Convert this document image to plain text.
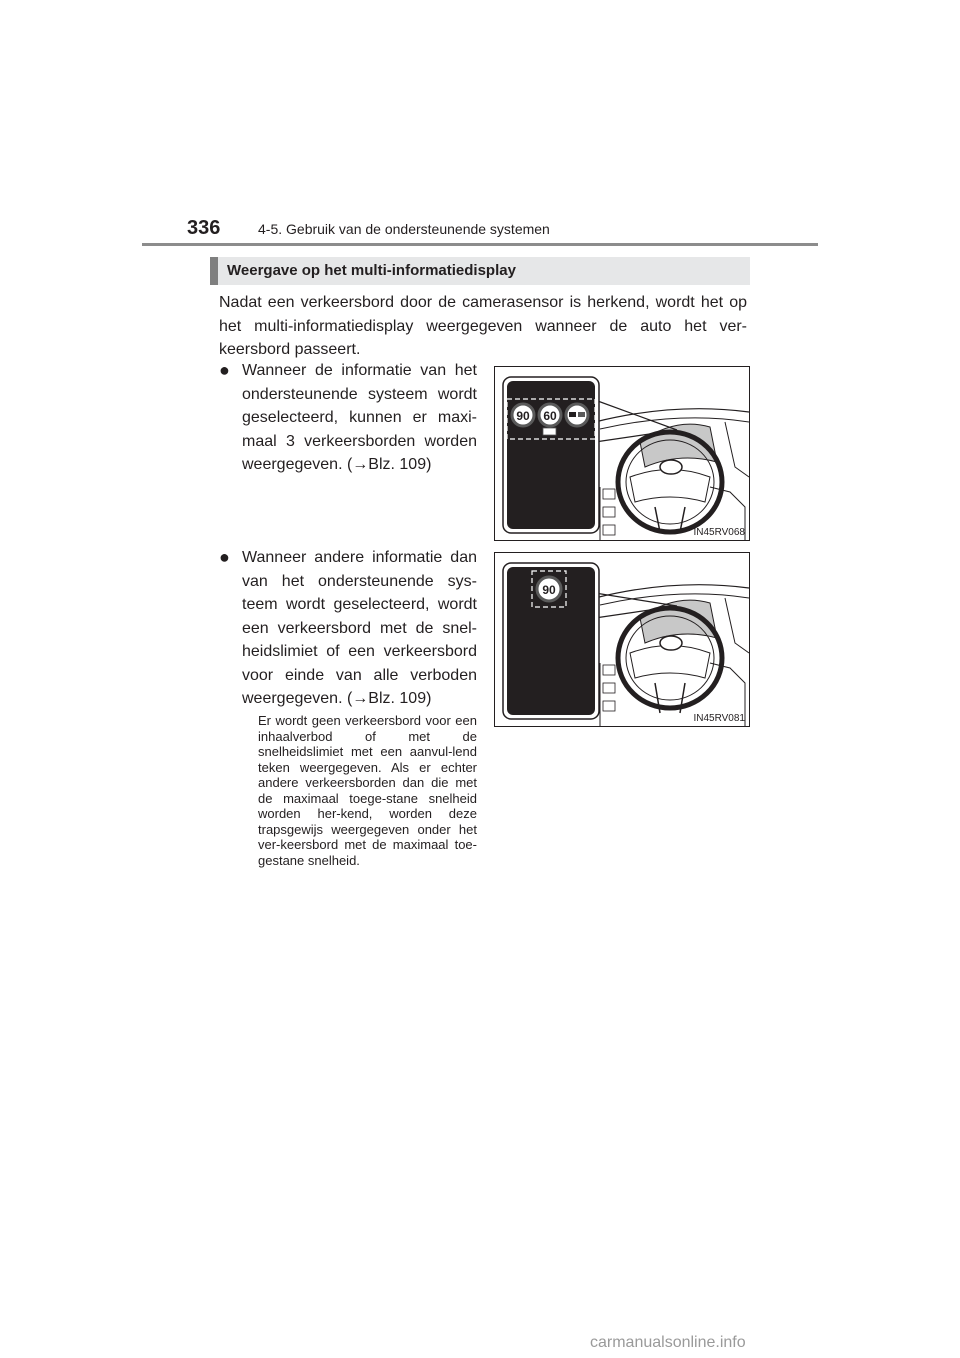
336	4-5. Gebruik van de ondersteunende systemen
Weergave op het multi-informatiedisplay

Nadat een verkeersbord door de camerasensor is herkend, wordt het op het multi-informatiedisplay weergegeven wanneer de auto het ver-keersbord passeert.

● Wanneer de informatie van het ondersteunende systeem wordt geselecteerd, kunnen er maxi-maal 3 verkeersborden worden weergegeven. (→Blz. 109)

● Wanneer andere informatie dan van het ondersteunende sys-teem wordt geselecteerd, wordt een verkeersbord met de snel-heidslimiet of een verkeersbord voor einde van alle verboden weergegeven. (→Blz. 109)

Er wordt geen verkeersbord voor een inhaalverbod of met de snelheidslimiet met een aanvul-lend teken weergegeven. Als er echter andere verkeersborden dan die met de maximaal toege-stane snelheid worden her-kend, worden deze trapsgewijs weergegeven onder het ver-keersbord met de maximaal toe-gestane snelheid.

90 60
IN45RV068
90
IN45RV081
carmanualsonline.info
